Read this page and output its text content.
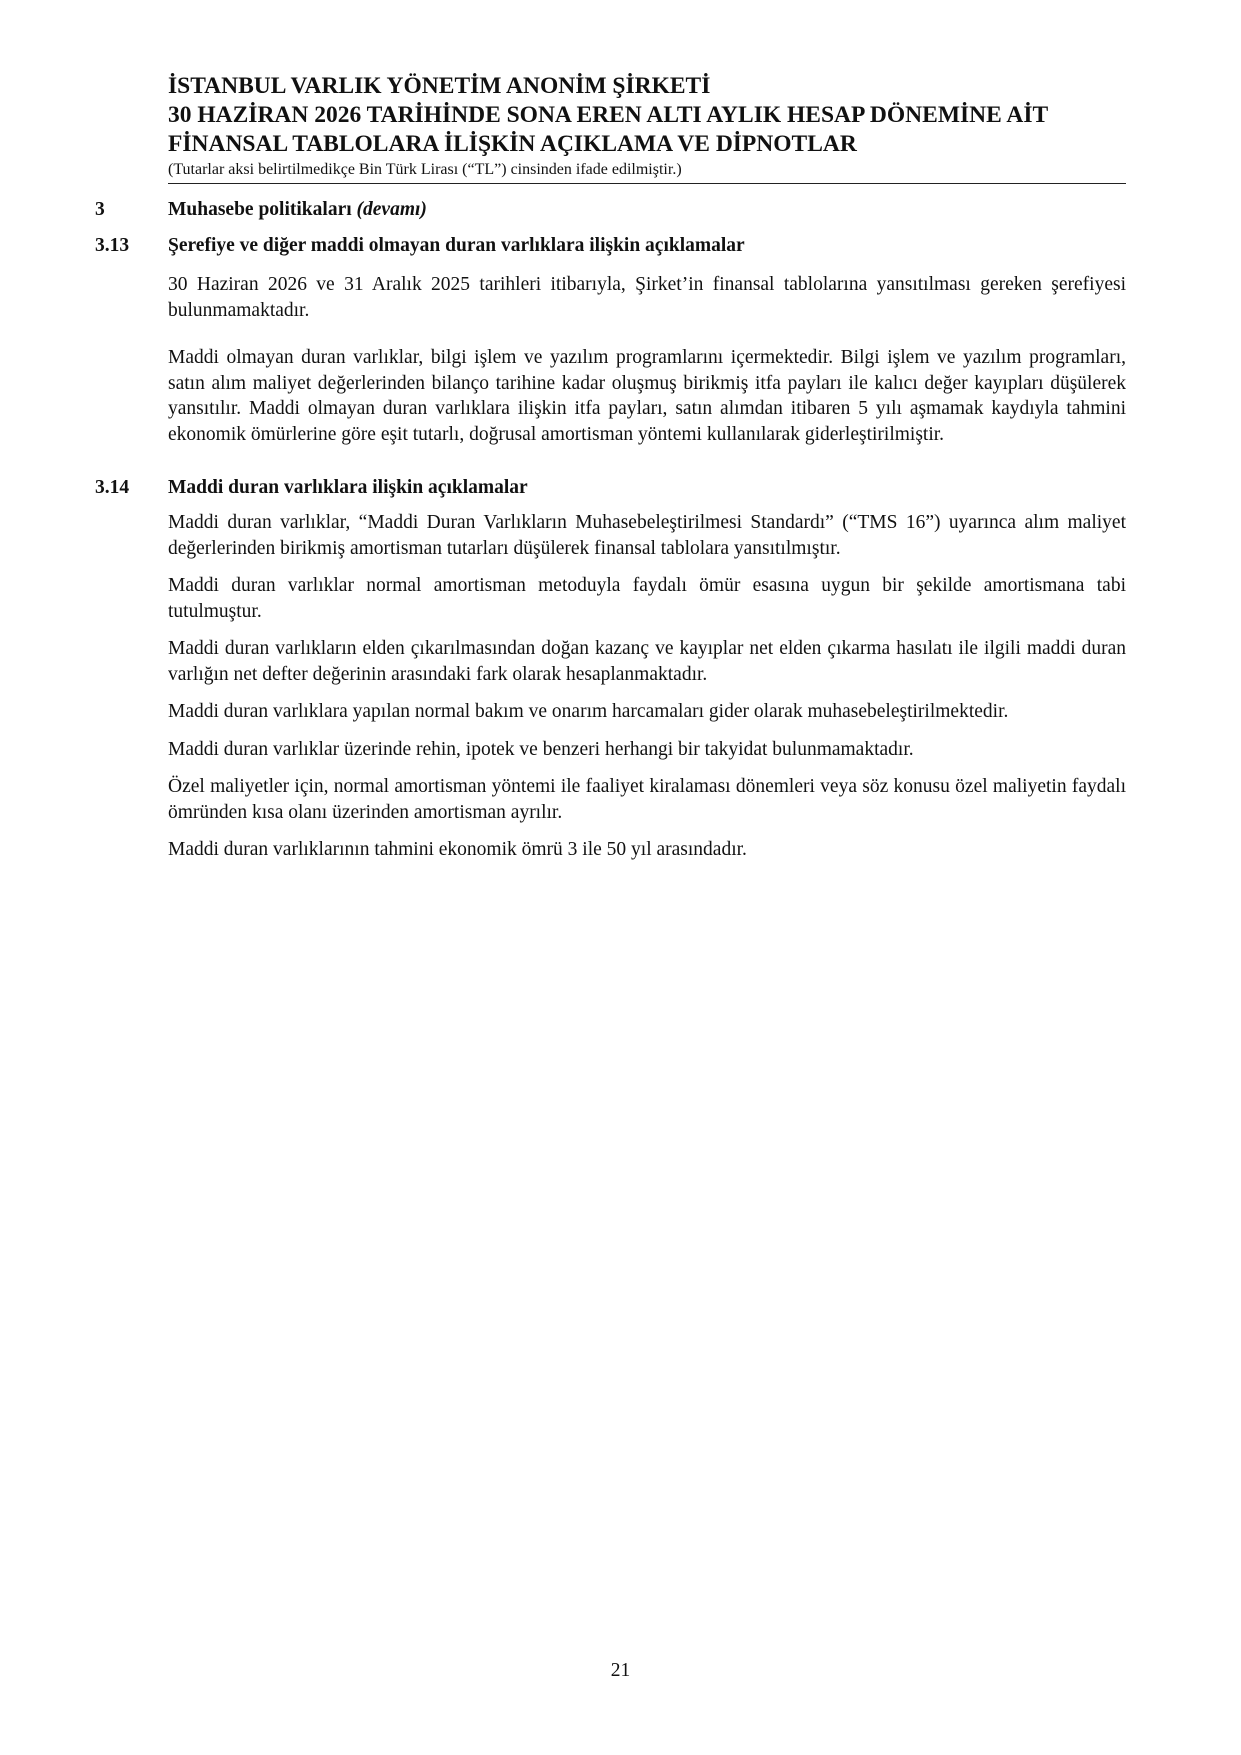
İSTANBUL VARLIK YÖNETİM ANONİM ŞİRKETİ
30 HAZİRAN 2026 TARİHİNDE SONA EREN ALTI AYLIK HESAP DÖNEMİNE AİT
FİNANSAL TABLOLARA İLİŞKİN AÇIKLAMA VE DİPNOTLAR
(Tutarlar aksi belirtilmedikçe Bin Türk Lirası (“TL”) cinsinden ifade edilmiştir.)
3	Muhasebe politikaları (devamı)
3.13	Şerefiye ve diğer maddi olmayan duran varlıklara ilişkin açıklamalar
30 Haziran 2026 ve 31 Aralık 2025 tarihleri itibarıyla, Şirket’in finansal tablolarına yansıtılması gereken şerefiyesi bulunmamaktadır.
Maddi olmayan duran varlıklar, bilgi işlem ve yazılım programlarını içermektedir. Bilgi işlem ve yazılım programları, satın alım maliyet değerlerinden bilanço tarihine kadar oluşmuş birikmiş itfa payları ile kalıcı değer kayıpları düşülerek yansıtılır. Maddi olmayan duran varlıklara ilişkin itfa payları, satın alımdan itibaren 5 yılı aşmamak kaydıyla tahmini ekonomik ömürlerine göre eşit tutarlı, doğrusal amortisman yöntemi kullanılarak giderleştirilmiştir.
3.14	Maddi duran varlıklara ilişkin açıklamalar
Maddi duran varlıklar, “Maddi Duran Varlıkların Muhasebeleştirilmesi Standardı” (“TMS 16”) uyarınca alım maliyet değerlerinden birikmiş amortisman tutarları düşülerek finansal tablolara yansıtılmıştır.
Maddi duran varlıklar normal amortisman metoduyla faydalı ömür esasına uygun bir şekilde amortismana tabi tutulmuştur.
Maddi duran varlıkların elden çıkarılmasından doğan kazanç ve kayıplar net elden çıkarma hasılatı ile ilgili maddi duran varlığın net defter değerinin arasındaki fark olarak hesaplanmaktadır.
Maddi duran varlıklara yapılan normal bakım ve onarım harcamaları gider olarak muhasebeleştirilmektedir.
Maddi duran varlıklar üzerinde rehin, ipotek ve benzeri herhangi bir takyidat bulunmamaktadır.
Özel maliyetler için, normal amortisman yöntemi ile faaliyet kiralaması dönemleri veya söz konusu özel maliyetin faydalı ömründen kısa olanı üzerinden amortisman ayrılır.
Maddi duran varlıklarının tahmini ekonomik ömrü 3 ile 50 yıl arasındadır.
21
